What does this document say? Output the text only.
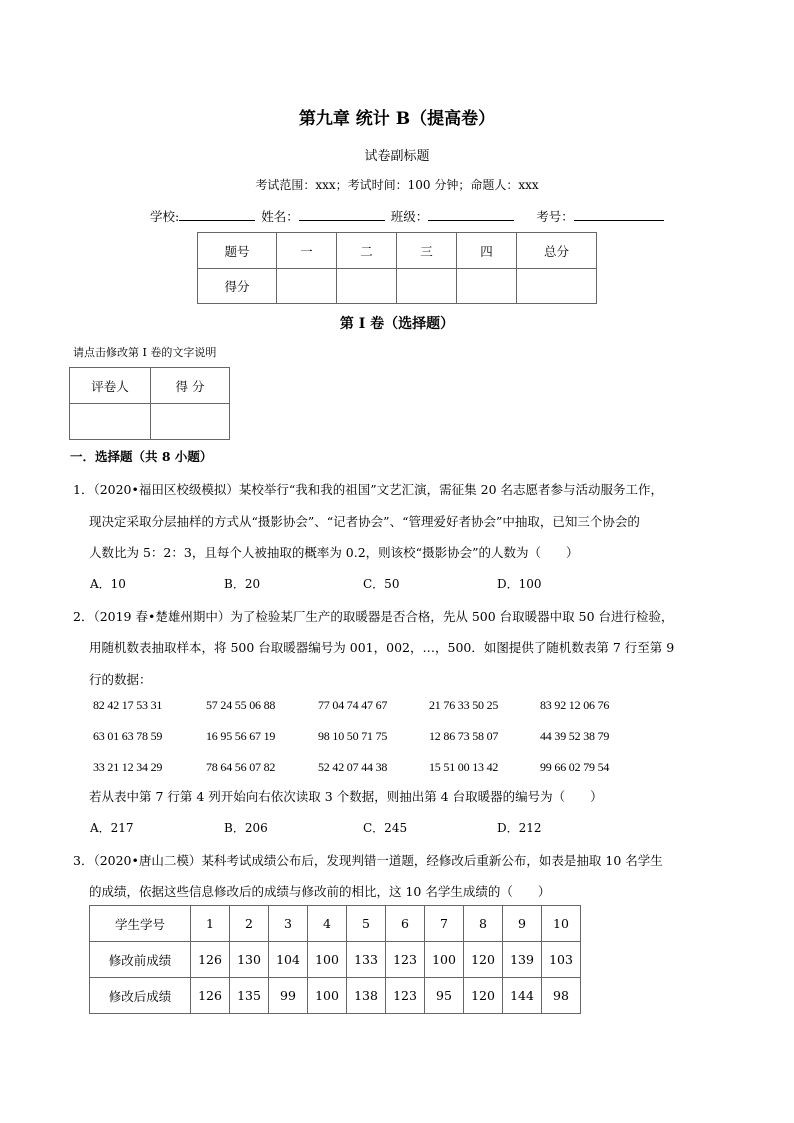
第九章 统计 B（提高卷）
试卷副标题
考试范围：xxx；考试时间：100 分钟；命题人：xxx
学校:	姓名：	班级：	考号：
题号	一	二	三	四	总分
得分					
第 I 卷（选择题）
请点击修改第 I 卷的文字说明
评卷人	得 分

一．选择题（共 8 小题）
1．（2020•福田区校级模拟）某校举行“我和我的祖国”文艺汇演，需征集 20 名志愿者参与活动服务工作，
现决定采取分层抽样的方式从“摄影协会”、“记者协会”、“管理爱好者协会”中抽取，已知三个协会的
人数比为 5：2：3，且每个人被抽取的概率为 0.2，则该校“摄影协会”的人数为（　　）
A．10	B．20	C．50	D．100
2．（2019 春•楚雄州期中）为了检验某厂生产的取暖器是否合格，先从 500 台取暖器中取 50 台进行检验，
用随机数表抽取样本，将 500 台取暖器编号为 001，002，…，500．如图提供了随机数表第 7 行至第 9
行的数据：
82 42 17 53 31	57 24 55 06 88	77 04 74 47 67	21 76 33 50 25	83 92 12 06 76
63 01 63 78 59	16 95 56 67 19	98 10 50 71 75	12 86 73 58 07	44 39 52 38 79
33 21 12 34 29	78 64 56 07 82	52 42 07 44 38	15 51 00 13 42	99 66 02 79 54
若从表中第 7 行第 4 列开始向右依次读取 3 个数据，则抽出第 4 台取暖器的编号为（　　）
A．217	B．206	C．245	D．212
3．（2020•唐山二模）某科考试成绩公布后，发现判错一道题，经修改后重新公布，如表是抽取 10 名学生
的成绩，依据这些信息修改后的成绩与修改前的相比，这 10 名学生成绩的（　　）
学生学号	1	2	3	4	5	6	7	8	9	10
修改前成绩	126	130	104	100	133	123	100	120	139	103
修改后成绩	126	135	99	100	138	123	95	120	144	98
